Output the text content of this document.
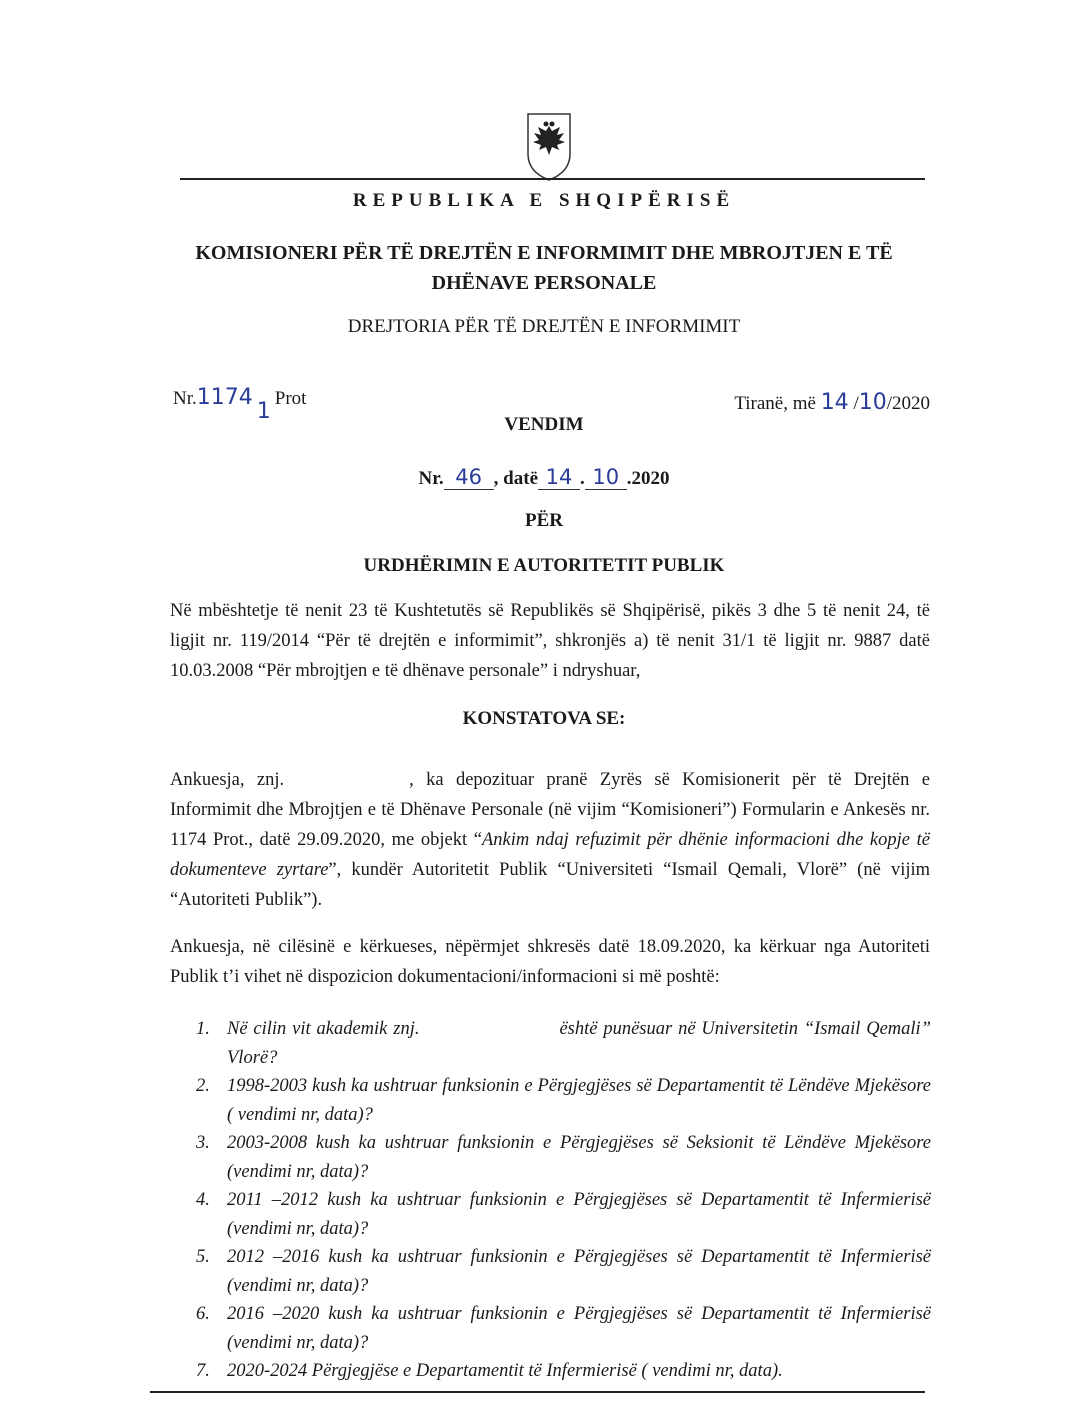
REPUBLIKA E SHQIPËRISË
KOMISIONERI PËR TË DREJTËN E INFORMIMIT DHE MBROJTJEN E TË
DHËNAVE PERSONALE
DREJTORIA PËR TË DREJTËN E INFORMIMIT
Nr.11741Prot	Tiranë, më 14 /10/2020
VENDIM
Nr. 46 , datë 14 . 10 .2020
PËR
URDHËRIMIN E AUTORITETIT PUBLIK
Në mbështetje të nenit 23 të Kushtetutës së Republikës së Shqipërisë, pikës 3 dhe 5 të nenit 24, të ligjit nr. 119/2014 “Për të drejtën e informimit”, shkronjës a) të nenit 31/1 të ligjit nr. 9887 datë 10.03.2008 “Për mbrojtjen e të dhënave personale” i ndryshuar,
KONSTATOVA SE:
Ankuesja, znj.	, ka depozituar pranë Zyrës së Komisionerit për të Drejtën e Informimit dhe Mbrojtjen e të Dhënave Personale (në vijim “Komisioneri”) Formularin e Ankesës nr. 1174 Prot., datë 29.09.2020, me objekt “Ankim ndaj refuzimit për dhënie informacioni dhe kopje të dokumenteve zyrtare”, kundër Autoritetit Publik “Universiteti “Ismail Qemali, Vlorë” (në vijim “Autoriteti Publik”).
Ankuesja, në cilësinë e kërkueses, nëpërmjet shkresës datë 18.09.2020, ka kërkuar nga Autoriteti Publik t’i vihet në dispozicion dokumentacioni/informacioni si më poshtë:
1. Në cilin vit akademik znj.	është punësuar në Universitetin “Ismail Qemali” Vlorë?
2. 1998-2003 kush ka ushtruar funksionin e Përgjegjëses së Departamentit të Lëndëve Mjekësore ( vendimi nr, data)?
3. 2003-2008 kush ka ushtruar funksionin e Përgjegjëses së Seksionit të Lëndëve Mjekësore (vendimi nr, data)?
4. 2011 –2012 kush ka ushtruar funksionin e Përgjegjëses së Departamentit të Infermierisë (vendimi nr, data)?
5. 2012 –2016 kush ka ushtruar funksionin e Përgjegjëses së Departamentit të Infermierisë (vendimi nr, data)?
6. 2016 –2020 kush ka ushtruar funksionin e Përgjegjëses së Departamentit të Infermierisë (vendimi nr, data)?
7. 2020-2024 Përgjegjëse e Departamentit të Infermierisë ( vendimi nr, data).
